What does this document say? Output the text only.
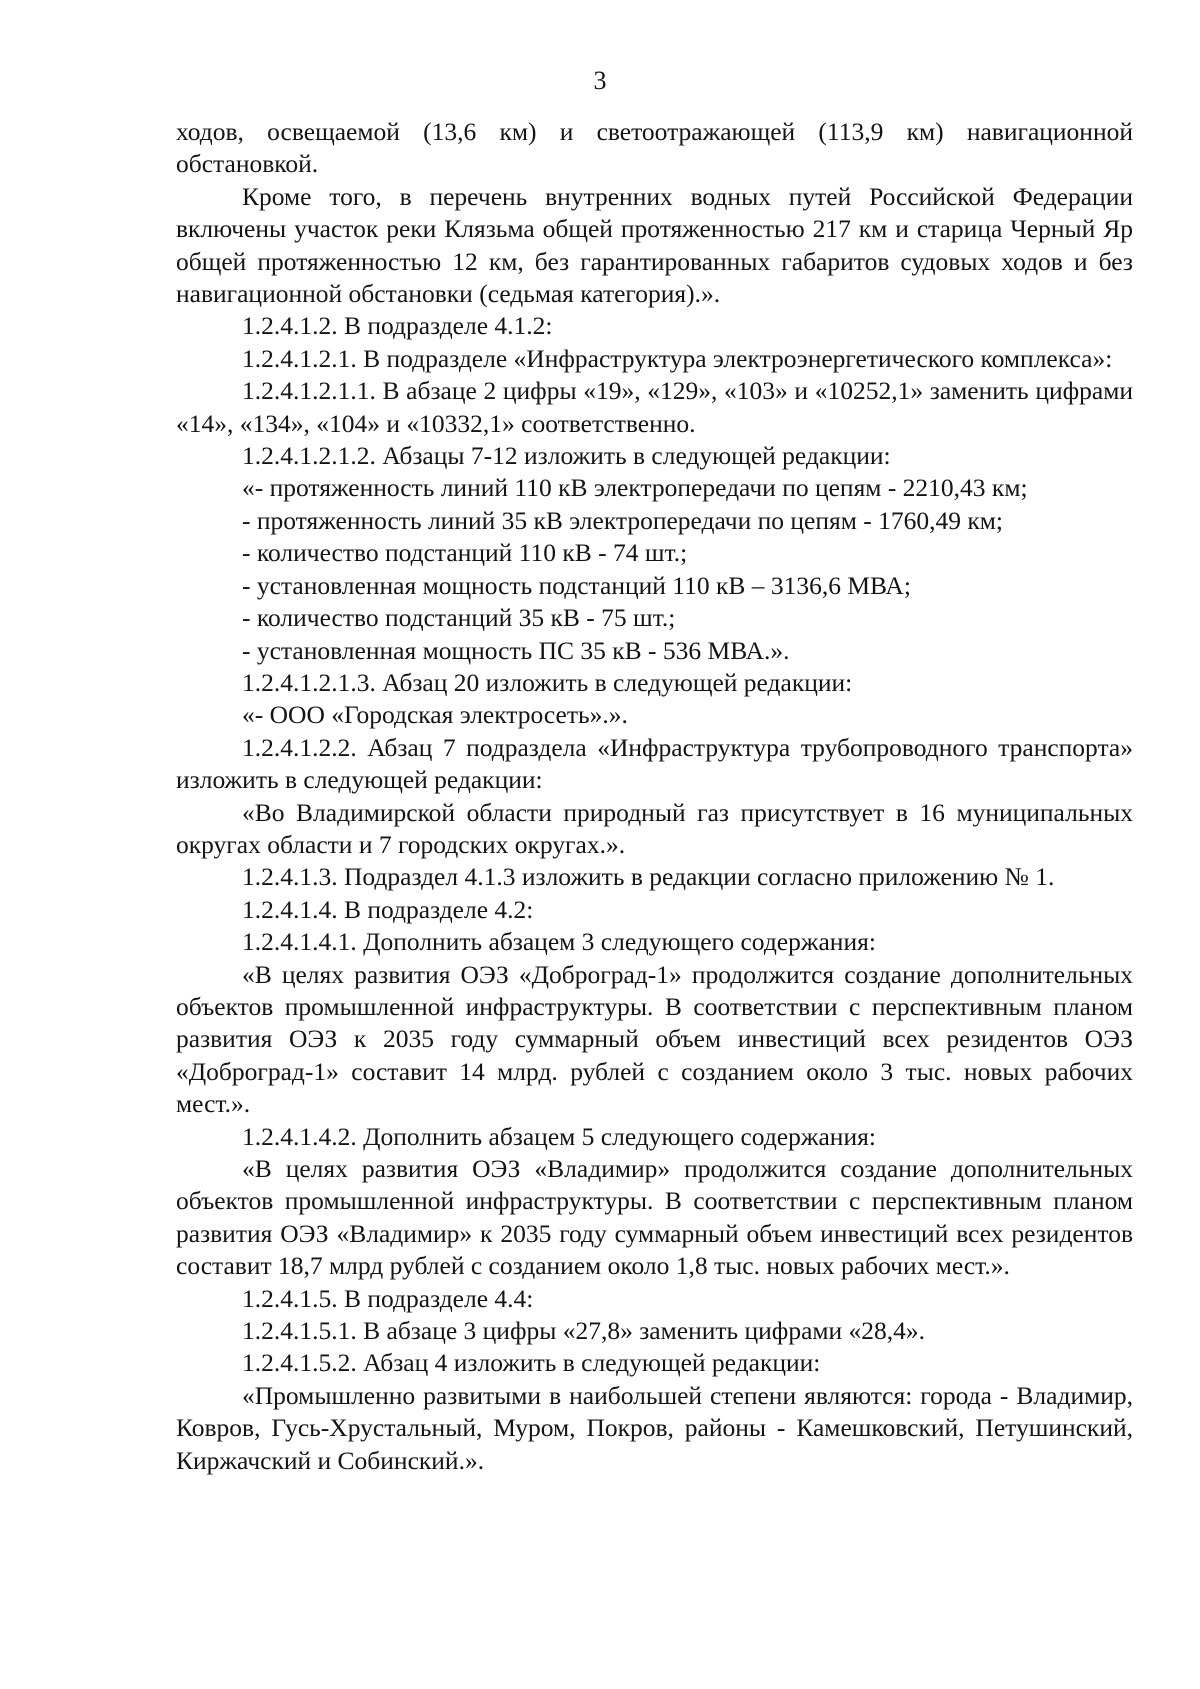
3

ходов, освещаемой (13,6 км) и светоотражающей (113,9 км) навигационной обстановкой.

Кроме того, в перечень внутренних водных путей Российской Федерации включены участок реки Клязьма общей протяженностью 217 км и старица Черный Яр общей протяженностью 12 км, без гарантированных габаритов судовых ходов и без навигационной обстановки (седьмая категория).».

1.2.4.1.2. В подразделе 4.1.2:

1.2.4.1.2.1. В подразделе «Инфраструктура электроэнергетического комплекса»:

1.2.4.1.2.1.1. В абзаце 2 цифры «19», «129», «103» и «10252,1» заменить цифрами «14», «134», «104» и «10332,1» соответственно.

1.2.4.1.2.1.2. Абзацы 7-12 изложить в следующей редакции:

«- протяженность линий 110 кВ электропередачи по цепям - 2210,43 км;

- протяженность линий 35 кВ электропередачи по цепям - 1760,49 км;

- количество подстанций 110 кВ - 74 шт.;

- установленная мощность подстанций 110 кВ – 3136,6 МВА;

- количество подстанций 35 кВ - 75 шт.;

- установленная мощность ПС 35 кВ - 536 МВА.».

1.2.4.1.2.1.3. Абзац 20 изложить в следующей редакции:

«- ООО «Городская электросеть».».

1.2.4.1.2.2. Абзац 7 подраздела «Инфраструктура трубопроводного транспорта» изложить в следующей редакции:

«Во Владимирской области природный газ присутствует в 16 муниципальных округах области и 7 городских округах.».

1.2.4.1.3. Подраздел 4.1.3 изложить в редакции согласно приложению № 1.

1.2.4.1.4. В подразделе 4.2:

1.2.4.1.4.1. Дополнить абзацем 3 следующего содержания:

«В целях развития ОЭЗ «Доброград-1» продолжится создание дополнительных объектов промышленной инфраструктуры. В соответствии с перспективным планом развития ОЭЗ к 2035 году суммарный объем инвестиций всех резидентов ОЭЗ «Доброград-1» составит 14 млрд. рублей с созданием около 3 тыс. новых рабочих мест.».

1.2.4.1.4.2. Дополнить абзацем 5 следующего содержания:

«В целях развития ОЭЗ «Владимир» продолжится создание дополнительных объектов промышленной инфраструктуры. В соответствии с перспективным планом развития ОЭЗ «Владимир» к 2035 году суммарный объем инвестиций всех резидентов составит 18,7 млрд рублей с созданием около 1,8 тыс. новых рабочих мест.».

1.2.4.1.5. В подразделе 4.4:

1.2.4.1.5.1. В абзаце 3 цифры «27,8» заменить цифрами «28,4».

1.2.4.1.5.2. Абзац 4 изложить в следующей редакции:

«Промышленно развитыми в наибольшей степени являются: города - Владимир, Ковров, Гусь-Хрустальный, Муром, Покров, районы - Камешковский, Петушинский, Киржачский и Собинский.».
